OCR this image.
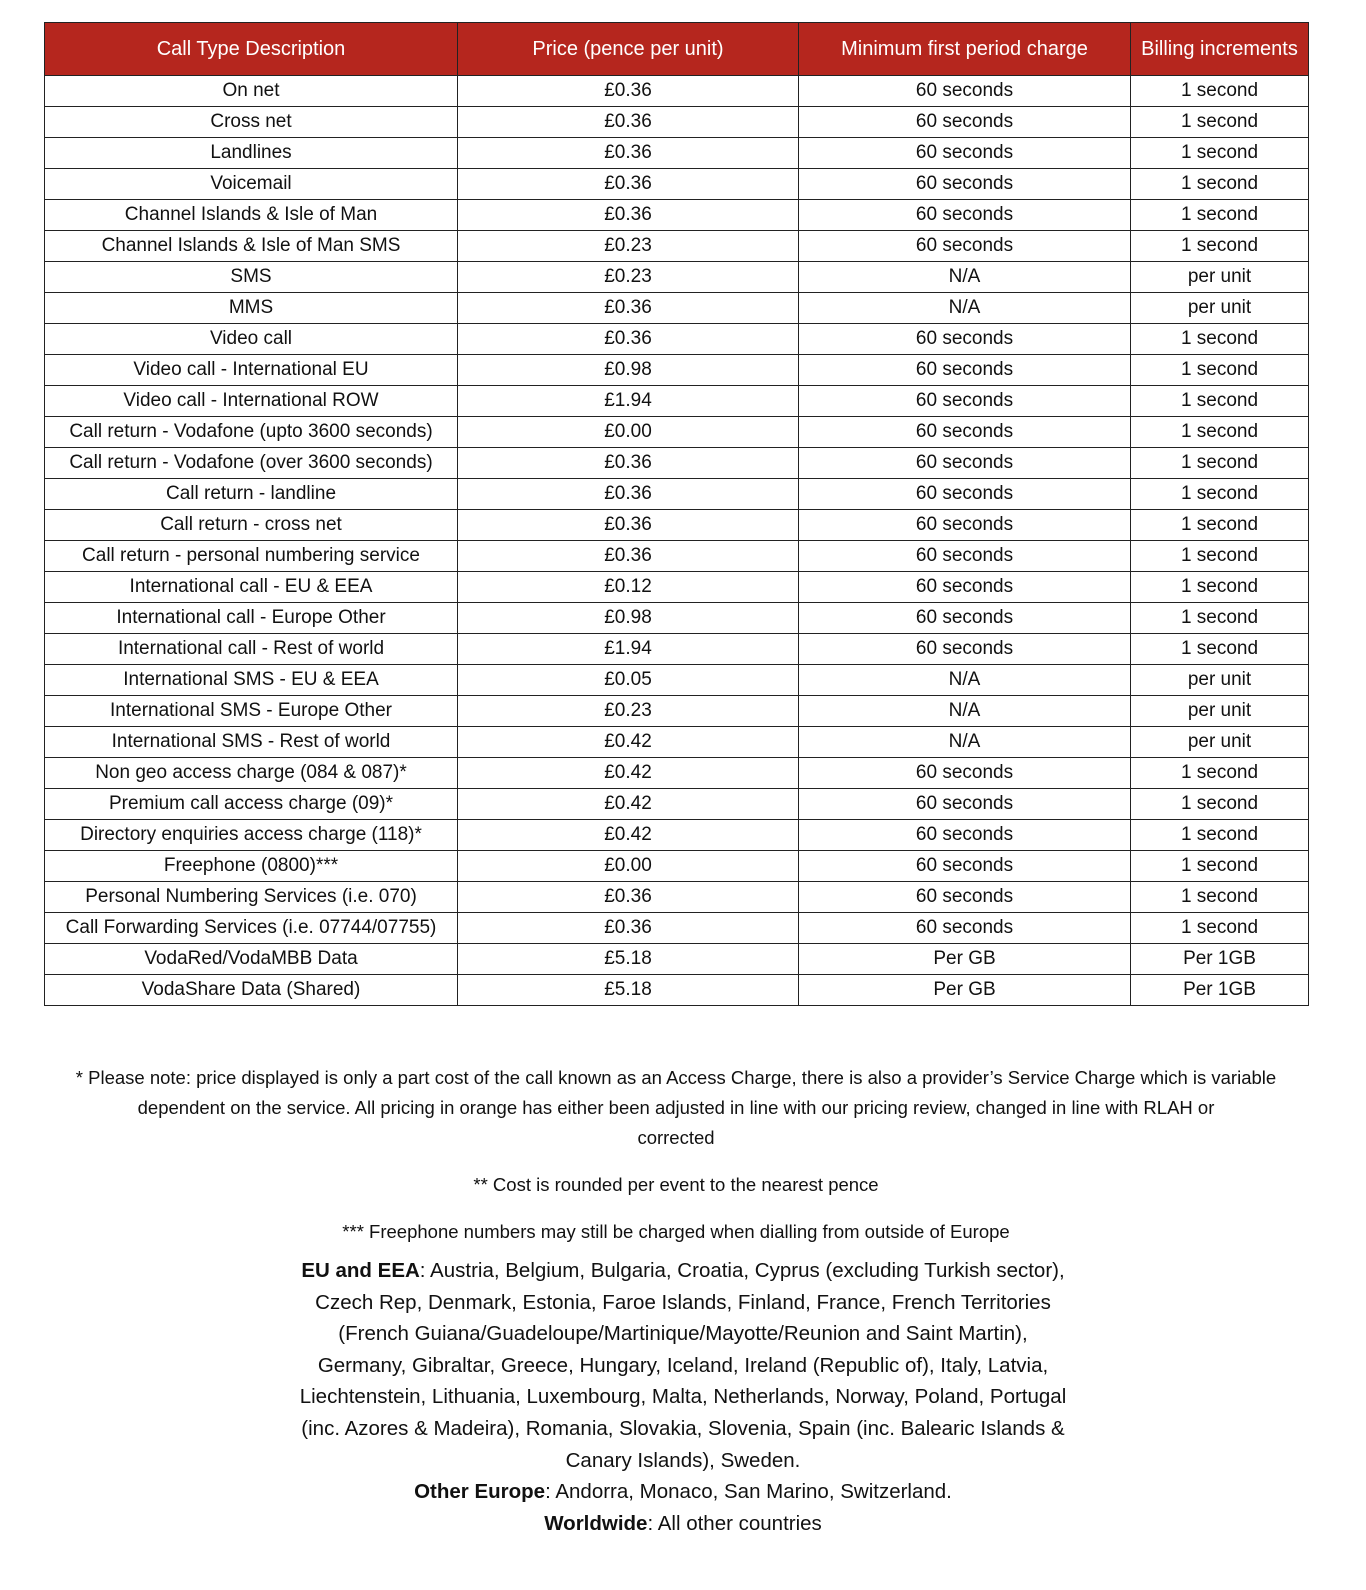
Call Type Description	Price (pence per unit)	Minimum first period charge	Billing increments
On net	£0.36	60 seconds	1 second
Cross net	£0.36	60 seconds	1 second
Landlines	£0.36	60 seconds	1 second
Voicemail	£0.36	60 seconds	1 second
Channel Islands & Isle of Man	£0.36	60 seconds	1 second
Channel Islands & Isle of Man SMS	£0.23	60 seconds	1 second
SMS	£0.23	N/A	per unit
MMS	£0.36	N/A	per unit
Video call	£0.36	60 seconds	1 second
Video call - International EU	£0.98	60 seconds	1 second
Video call - International ROW	£1.94	60 seconds	1 second
Call return - Vodafone (upto 3600 seconds)	£0.00	60 seconds	1 second
Call return - Vodafone (over 3600 seconds)	£0.36	60 seconds	1 second
Call return - landline	£0.36	60 seconds	1 second
Call return - cross net	£0.36	60 seconds	1 second
Call return - personal numbering service	£0.36	60 seconds	1 second
International call - EU & EEA	£0.12	60 seconds	1 second
International call - Europe Other	£0.98	60 seconds	1 second
International call - Rest of world	£1.94	60 seconds	1 second
International SMS - EU & EEA	£0.05	N/A	per unit
International SMS - Europe Other	£0.23	N/A	per unit
International SMS - Rest of world	£0.42	N/A	per unit
Non geo access charge (084 & 087)*	£0.42	60 seconds	1 second
Premium call access charge (09)*	£0.42	60 seconds	1 second
Directory enquiries access charge (118)*	£0.42	60 seconds	1 second
Freephone (0800)***	£0.00	60 seconds	1 second
Personal Numbering Services (i.e. 070)	£0.36	60 seconds	1 second
Call Forwarding Services (i.e. 07744/07755)	£0.36	60 seconds	1 second
VodaRed/VodaMBB Data	£5.18	Per GB	Per 1GB
VodaShare Data (Shared)	£5.18	Per GB	Per 1GB

* Please note: price displayed is only a part cost of the call known as an Access Charge, there is also a provider’s Service Charge which is variable

dependent on the service. All pricing in orange has either been adjusted in line with our pricing review, changed in line with RLAH or

corrected

** Cost is rounded per event to the nearest pence

*** Freephone numbers may still be charged when dialling from outside of Europe

EU and EEA: Austria, Belgium, Bulgaria, Croatia, Cyprus (excluding Turkish sector), Czech Rep, Denmark, Estonia, Faroe Islands, Finland, France, French Territories (French Guiana/Guadeloupe/Martinique/Mayotte/Reunion and Saint Martin), Germany, Gibraltar, Greece, Hungary, Iceland, Ireland (Republic of), Italy, Latvia, Liechtenstein, Lithuania, Luxembourg, Malta, Netherlands, Norway, Poland, Portugal (inc. Azores & Madeira), Romania, Slovakia, Slovenia, Spain (inc. Balearic Islands & Canary Islands), Sweden.

Other Europe: Andorra, Monaco, San Marino, Switzerland.

Worldwide: All other countries
